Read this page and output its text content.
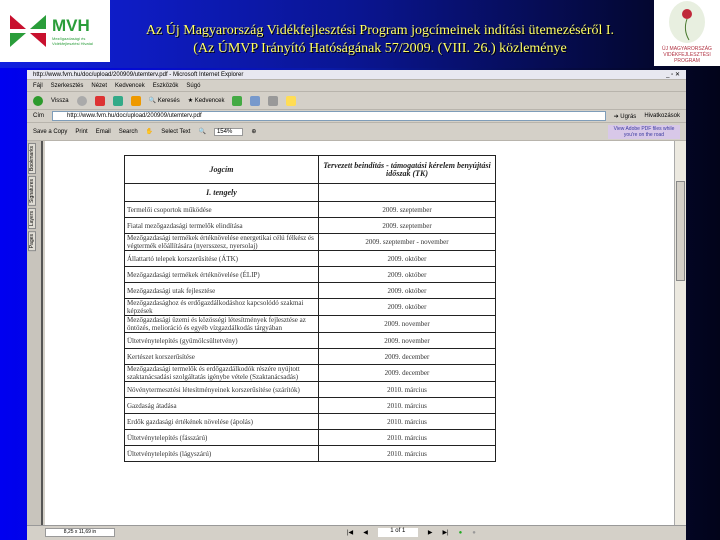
MVH
Mezőgazdasági és Vidékfejlesztési Hivatal
ÚJ MAGYARORSZÁG VIDÉKFEJLESZTÉSI PROGRAM
Az Új Magyarország Vidékfejlesztési Program jogcímeinek indítási ütemezéséről I.
(Az ÚMVP Irányító Hatóságának 57/2009. (VIII. 26.) közleménye
http://www.fvm.hu/doc/upload/200909/utemterv.pdf - Microsoft Internet Explorer	_ ▫ ✕
Fájl Szerkesztés Nézet Kedvencek Eszközök Súgó
Vissza	🔍 Keresés ★ Kedvencek
Cím	http://www.fvm.hu/doc/upload/200909/utemterv.pdf	➔ Ugrás Hivatkozások
Save a Copy Print Email Search ✋ Select Text 🔍	154%	⊕
View Adobe PDF files while you're on the road
Bookmarks
Signatures
Layers
Pages
Jogcím	Tervezett beindítás - támogatási kérelem benyújtási időszak (TK)
I. tengely	
Termelői csoportok működése	2009. szeptember
Fiatal mezőgazdasági termelők elindítása	2009. szeptember
Mezőgazdasági termékek értéknövelése energetikai célú félkész és végtermék előállítására (nyersszesz, nyersolaj)	2009. szeptember - november
Állattartó telepek korszerűsítése (ÁTK)	2009. október
Mezőgazdasági termékek értéknövelése (ÉLIP)	2009. október
Mezőgazdasági utak fejlesztése	2009. október
Mezőgazdasághoz és erdőgazdálkodáshoz kapcsolódó szakmai képzések	2009. október
Mezőgazdasági üzemi és közösségi létesítmények fejlesztése az öntözés, melioráció és egyéb vízgazdálkodás tárgyában	2009. november
Ültetvénytelepítés (gyümölcsültetvény)	2009. november
Kertészet korszerűsítése	2009. december
Mezőgazdasági termelők és erdőgazdálkodók részére nyújtott szaktanácsadási szolgáltatás igénybe vétele (Szaktanácsadás)	2009. december
Növénytermesztési létesítményeinek korszerűsítése (szárítók)	2010. március
Gazdaság átadása	2010. március
Erdők gazdasági értékének növelése (ápolás)	2010. március
Ültetvénytelepítés (fásszárú)	2010. március
Ültetvénytelepítés (lágyszárú)	2010. március
8,25 x 11,69 in	|◀ ◀	1 of 1	▶ ▶| ● ●
